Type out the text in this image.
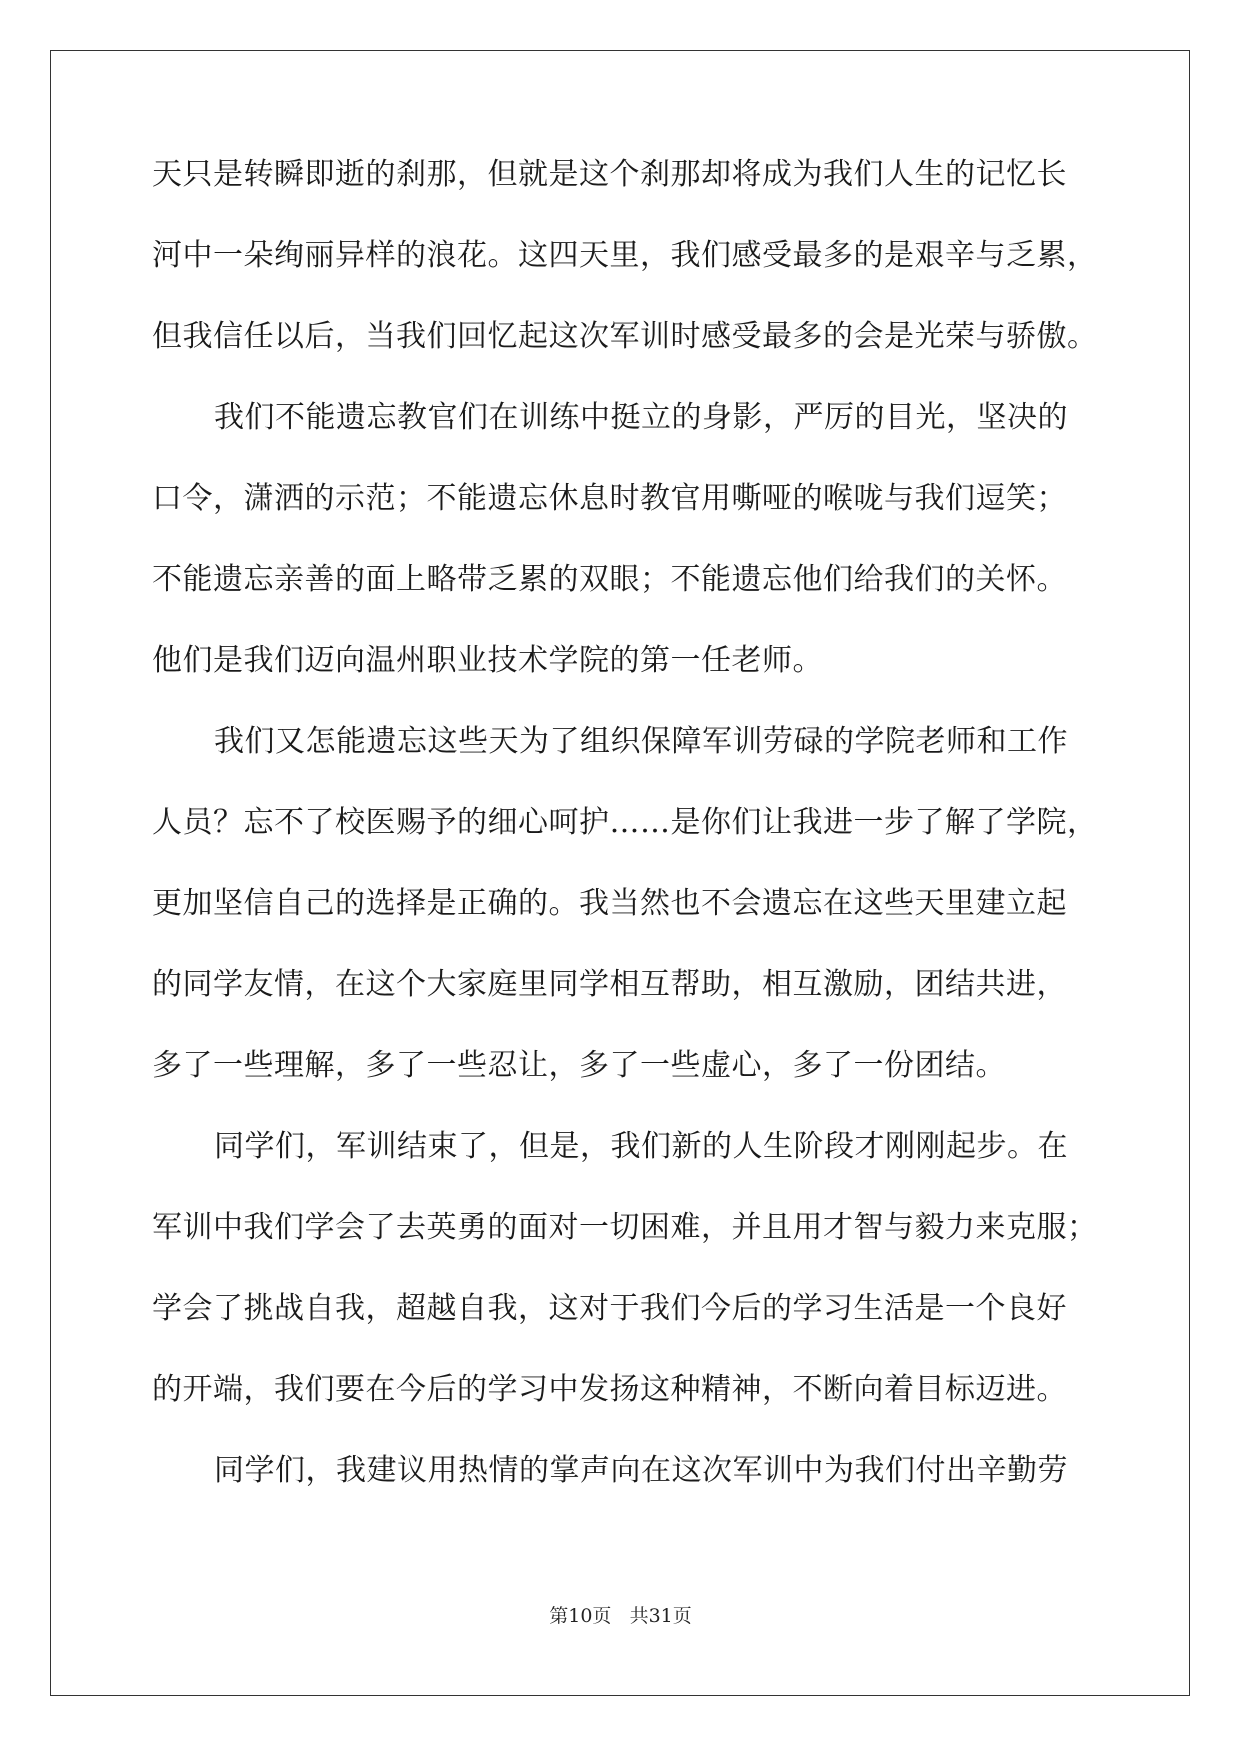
天只是转瞬即逝的刹那，但就是这个刹那却将成为我们人生的记忆长
河中一朵绚丽异样的浪花。这四天里，我们感受最多的是艰辛与乏累，
但我信任以后，当我们回忆起这次军训时感受最多的会是光荣与骄傲。
我们不能遗忘教官们在训练中挺立的身影，严厉的目光，坚决的
口令，潇洒的示范；不能遗忘休息时教官用嘶哑的喉咙与我们逗笑；
不能遗忘亲善的面上略带乏累的双眼；不能遗忘他们给我们的关怀。
他们是我们迈向温州职业技术学院的第一任老师。
我们又怎能遗忘这些天为了组织保障军训劳碌的学院老师和工作
人员？忘不了校医赐予的细心呵护……是你们让我进一步了解了学院，
更加坚信自己的选择是正确的。我当然也不会遗忘在这些天里建立起
的同学友情，在这个大家庭里同学相互帮助，相互激励，团结共进，
多了一些理解，多了一些忍让，多了一些虚心，多了一份团结。
同学们，军训结束了，但是，我们新的人生阶段才刚刚起步。在
军训中我们学会了去英勇的面对一切困难，并且用才智与毅力来克服；
学会了挑战自我，超越自我，这对于我们今后的学习生活是一个良好
的开端，我们要在今后的学习中发扬这种精神，不断向着目标迈进。
同学们，我建议用热情的掌声向在这次军训中为我们付出辛勤劳
第10页 共31页
